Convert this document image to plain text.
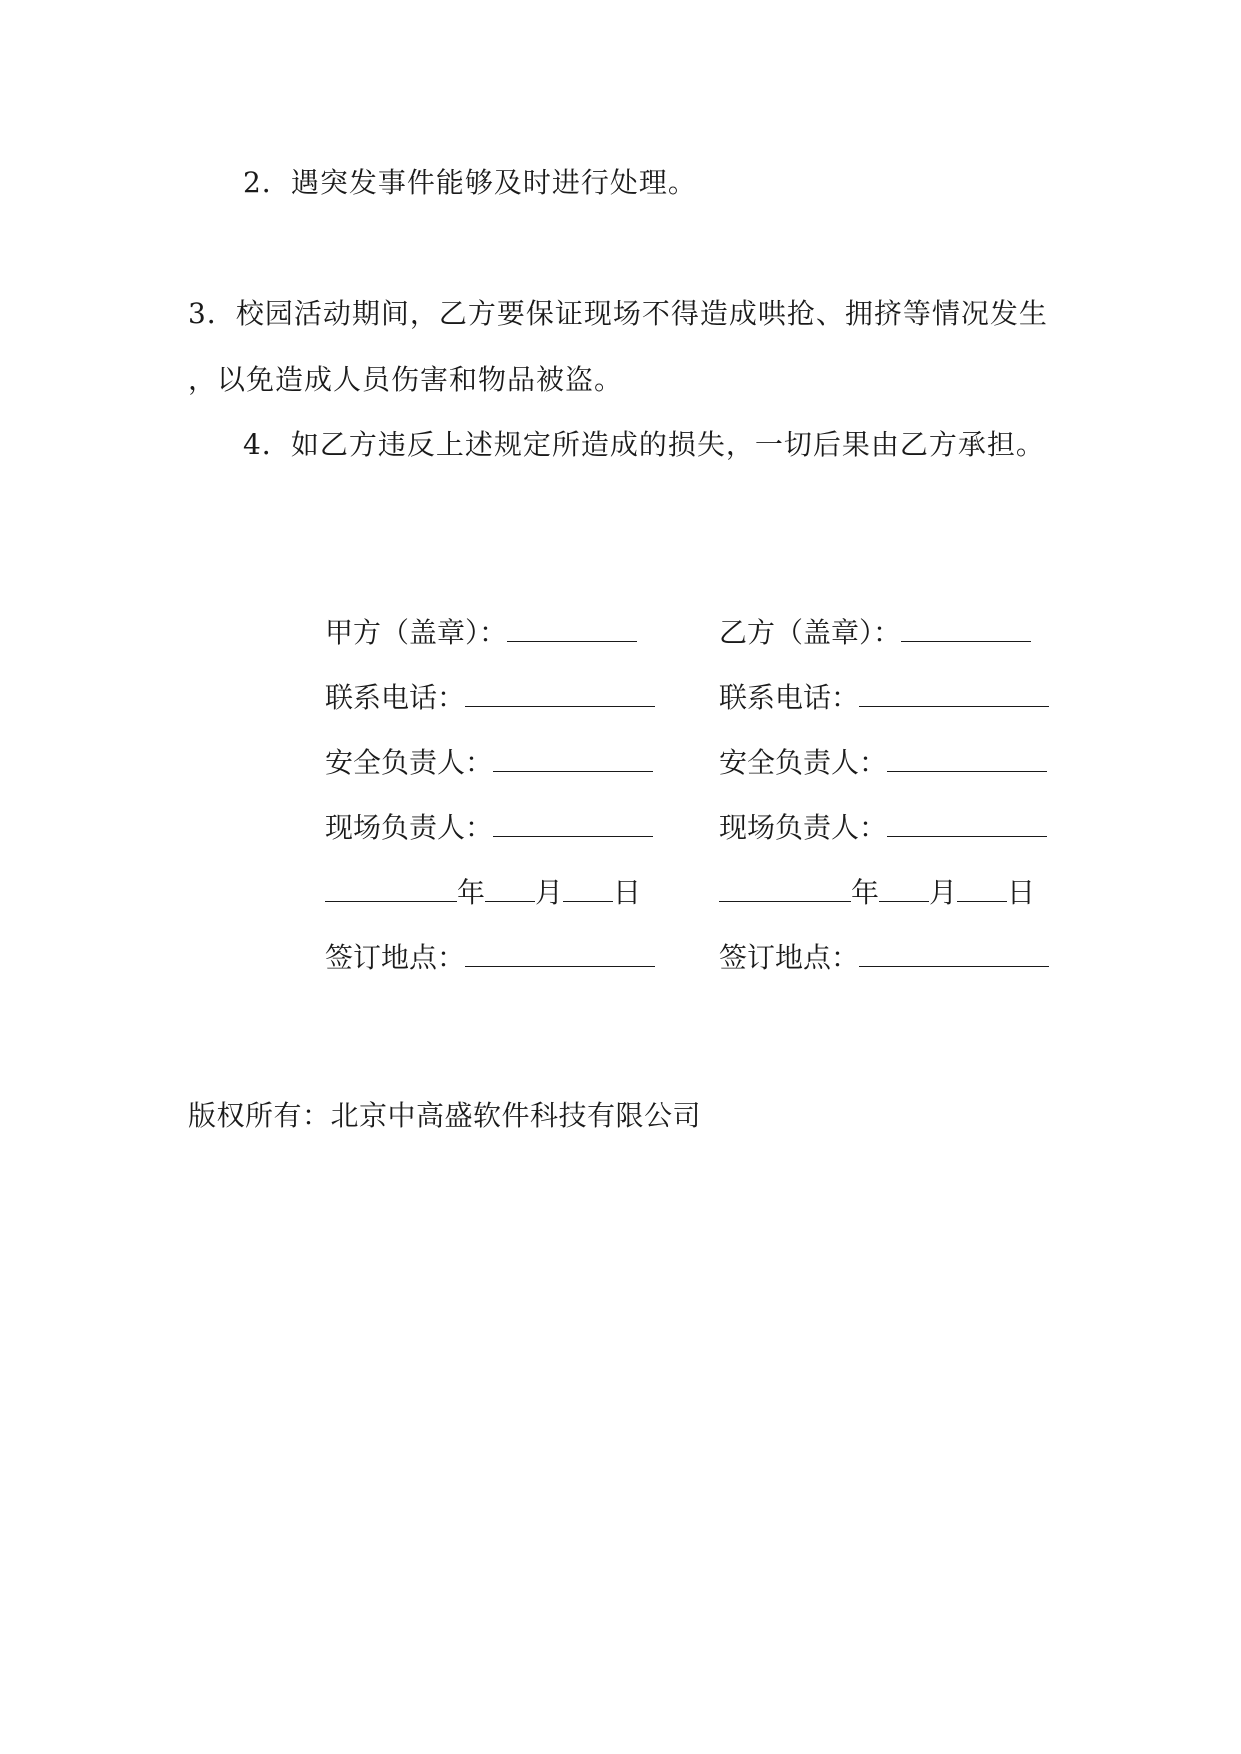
2．遇突发事件能够及时进行处理。
3．校园活动期间，乙方要保证现场不得造成哄抢、拥挤等情况发生
，以免造成人员伤害和物品被盗。
4．如乙方违反上述规定所造成的损失，一切后果由乙方承担。
甲方（盖章）：
联系电话：
安全负责人：
现场负责人：
年 月 日
签订地点：
乙方（盖章）：
联系电话：
安全负责人：
现场负责人：
年 月 日
签订地点：
版权所有：北京中高盛软件科技有限公司
